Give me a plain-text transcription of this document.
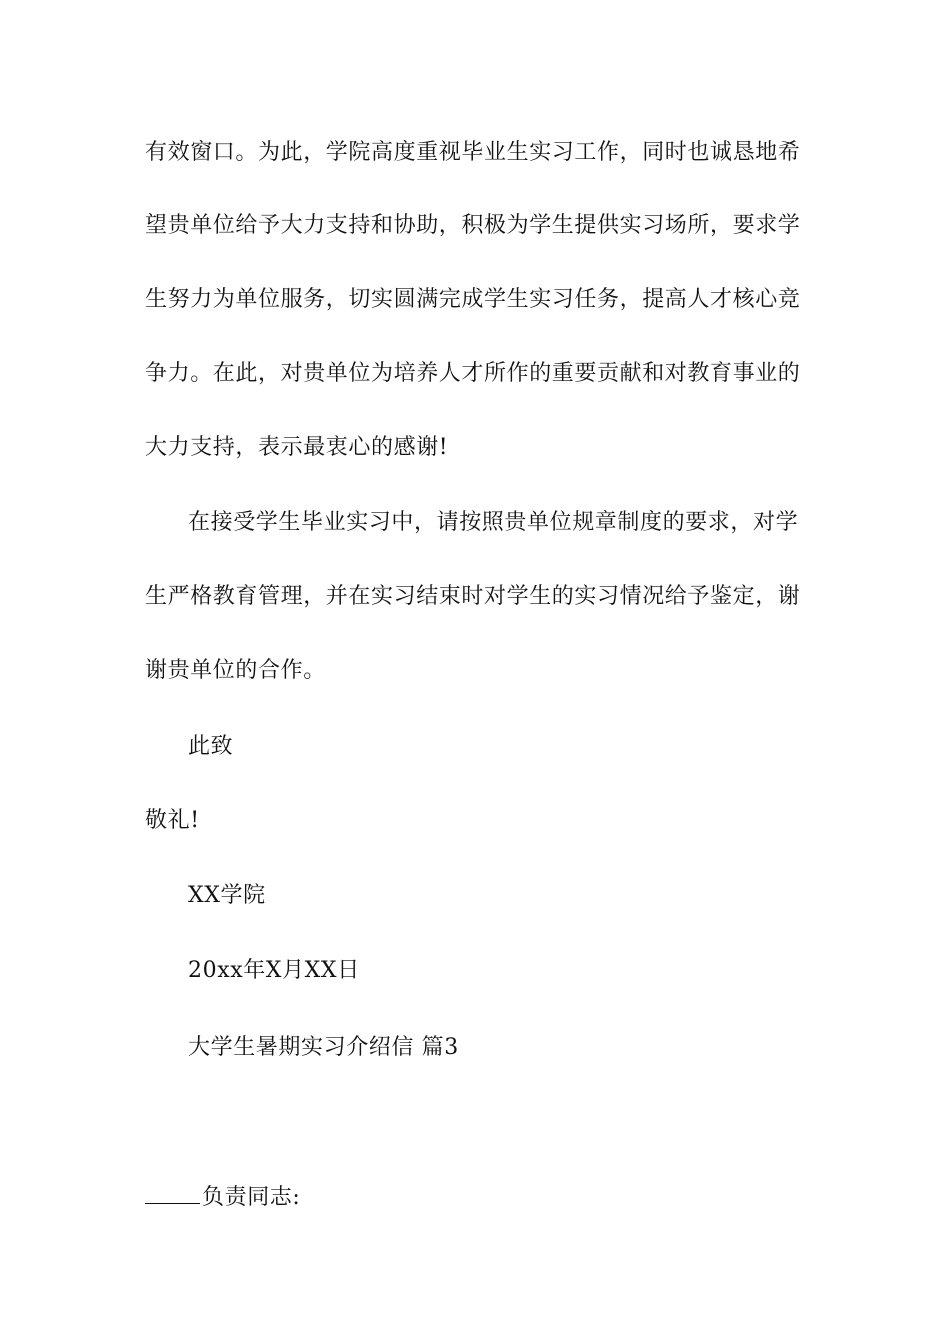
有效窗口。为此，学院高度重视毕业生实习工作，同时也诚恳地希
望贵单位给予大力支持和协助，积极为学生提供实习场所，要求学
生努力为单位服务，切实圆满完成学生实习任务，提高人才核心竞
争力。在此，对贵单位为培养人才所作的重要贡献和对教育事业的
大力支持，表示最衷心的感谢!
在接受学生毕业实习中，请按照贵单位规章制度的要求，对学
生严格教育管理，并在实习结束时对学生的实习情况给予鉴定，谢
谢贵单位的合作。
此致
敬礼!
XX学院
20xx年X月XX日
大学生暑期实习介绍信 篇3
负责同志:
